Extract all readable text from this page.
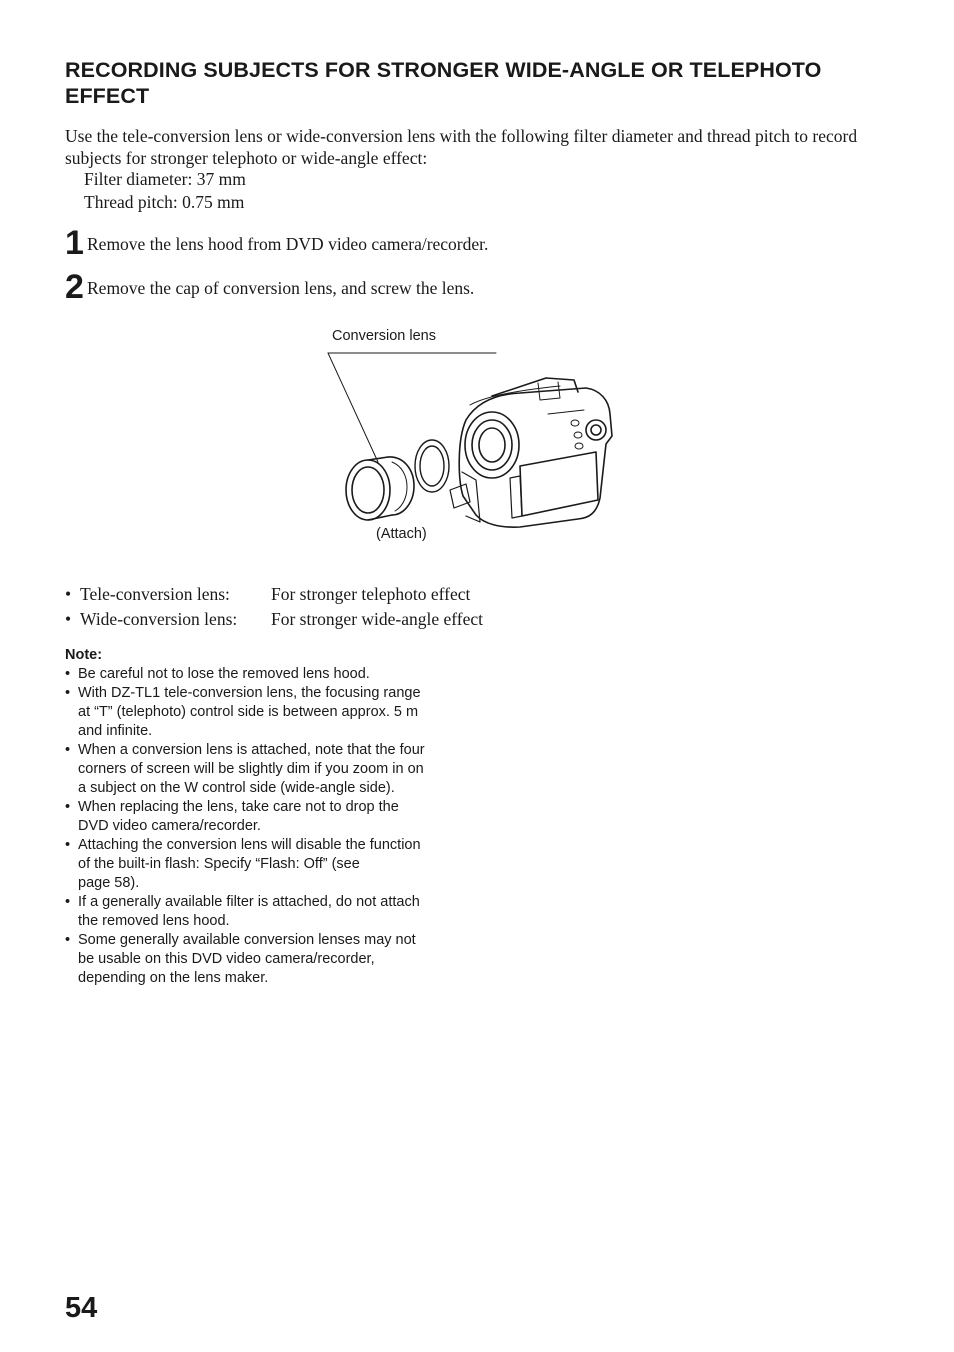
RECORDING SUBJECTS FOR STRONGER WIDE-ANGLE OR TELEPHOTO EFFECT

Use the tele-conversion lens or wide-conversion lens with the following filter diameter and thread pitch to record subjects for stronger telephoto or wide-angle effect:

Filter diameter: 37 mm

Thread pitch: 0.75 mm

1 Remove the lens hood from DVD video camera/recorder.
2 Remove the cap of conversion lens, and screw the lens.
Conversion lens
(Attach)
• Tele-conversion lens: For stronger telephoto effect
• Wide-conversion lens: For stronger wide-angle effect
Note:
• Be careful not to lose the removed lens hood.
• With DZ-TL1 tele-conversion lens, the focusing range
at “T” (telephoto) control side is between approx. 5 m
and infinite.
• When a conversion lens is attached, note that the four
corners of screen will be slightly dim if you zoom in on
a subject on the W control side (wide-angle side).
• When replacing the lens, take care not to drop the
DVD video camera/recorder.
• Attaching the conversion lens will disable the function
of the built-in flash: Specify “Flash: Off” (see
page 58).
• If a generally available filter is attached, do not attach
the removed lens hood.
• Some generally available conversion lenses may not
be usable on this DVD video camera/recorder,
depending on the lens maker.
54
